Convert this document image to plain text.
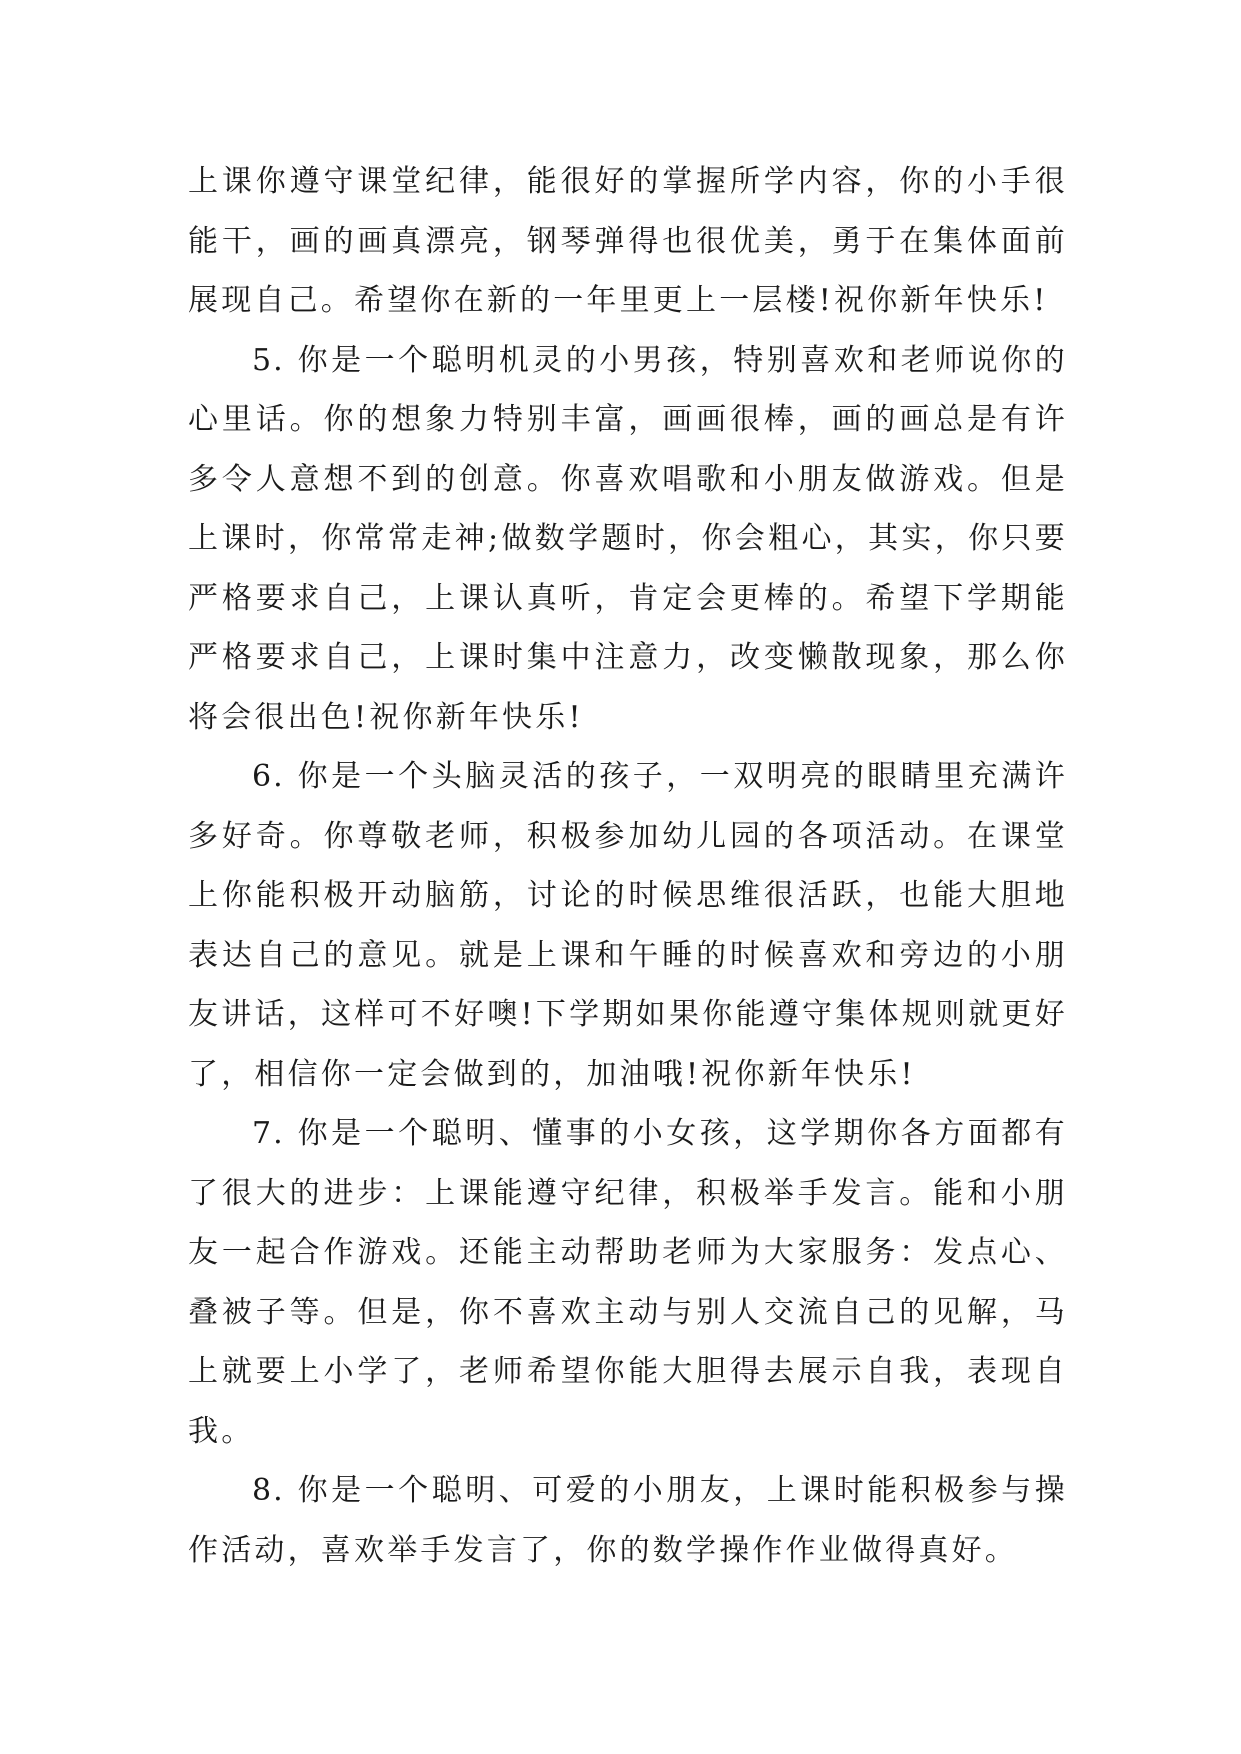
上课你遵守课堂纪律，能很好的掌握所学内容，你的小手很能干，画的画真漂亮，钢琴弹得也很优美，勇于在集体面前展现自己。希望你在新的一年里更上一层楼!祝你新年快乐!

5. 你是一个聪明机灵的小男孩，特别喜欢和老师说你的心里话。你的想象力特别丰富，画画很棒，画的画总是有许多令人意想不到的创意。你喜欢唱歌和小朋友做游戏。但是上课时，你常常走神;做数学题时，你会粗心，其实，你只要严格要求自己，上课认真听，肯定会更棒的。希望下学期能严格要求自己，上课时集中注意力，改变懒散现象，那么你将会很出色!祝你新年快乐!

6. 你是一个头脑灵活的孩子，一双明亮的眼睛里充满许多好奇。你尊敬老师，积极参加幼儿园的各项活动。在课堂上你能积极开动脑筋，讨论的时候思维很活跃，也能大胆地表达自己的意见。就是上课和午睡的时候喜欢和旁边的小朋友讲话，这样可不好噢!下学期如果你能遵守集体规则就更好了，相信你一定会做到的，加油哦!祝你新年快乐!

7. 你是一个聪明、懂事的小女孩，这学期你各方面都有了很大的进步：上课能遵守纪律，积极举手发言。能和小朋友一起合作游戏。还能主动帮助老师为大家服务：发点心、叠被子等。但是，你不喜欢主动与别人交流自己的见解，马上就要上小学了，老师希望你能大胆得去展示自我，表现自我。

8. 你是一个聪明、可爱的小朋友，上课时能积极参与操作活动，喜欢举手发言了，你的数学操作作业做得真好。
